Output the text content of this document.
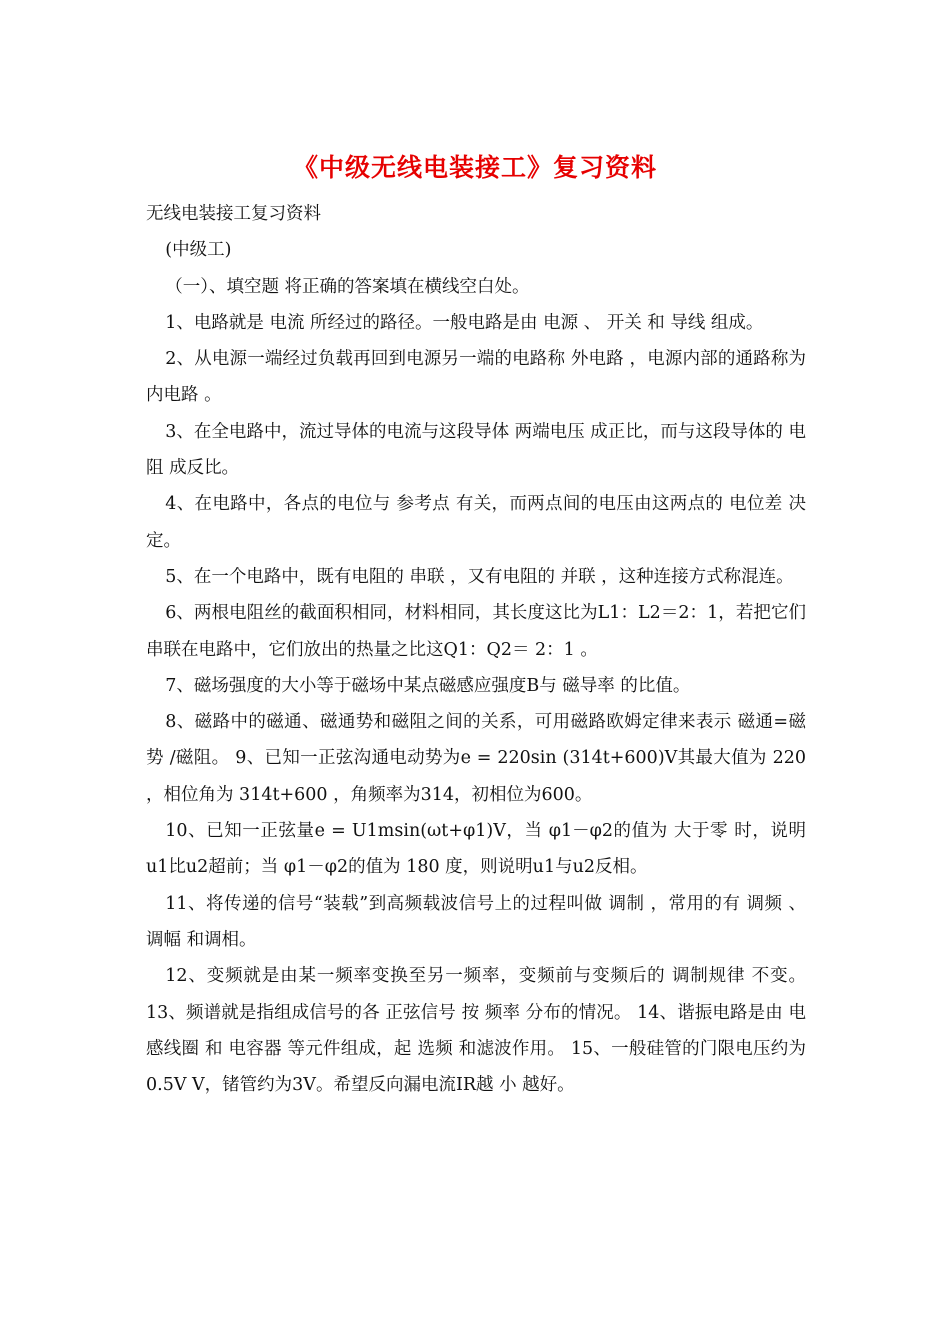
《中级无线电装接工》复习资料

无线电装接工复习资料

(中级工)

（一）、填空题 将正确的答案填在横线空白处。

1、电路就是 电流 所经过的路径。一般电路是由 电源 、 开关 和 导线 组成。

2、从电源一端经过负载再回到电源另一端的电路称 外电路 ，电源内部的通路称为 内电路 。

3、在全电路中，流过导体的电流与这段导体 两端电压 成正比，而与这段导体的 电阻 成反比。

4、在电路中，各点的电位与 参考点 有关，而两点间的电压由这两点的 电位差 决定。

5、在一个电路中，既有电阻的 串联 ，又有电阻的 并联 ，这种连接方式称混连。

6、两根电阻丝的截面积相同，材料相同，其长度这比为L1：L2＝2：1，若把它们串联在电路中，它们放出的热量之比这Q1：Q2＝ 2：1 。

7、磁场强度的大小等于磁场中某点磁感应强度B与 磁导率 的比值。

8、磁路中的磁通、磁通势和磁阻之间的关系，可用磁路欧姆定律来表示 磁通=磁势 /磁阻。 9、已知一正弦沟通电动势为e = 220sin (314t+600)V其最大值为 220 ，相位角为 314t+600 ，角频率为314，初相位为600。

10、已知一正弦量e = U1msin(ωt+φ1)V，当 φ1－φ2的值为 大于零 时，说明u1比u2超前；当 φ1－φ2的值为 180 度，则说明u1与u2反相。

11、将传递的信号“装载”到高频载波信号上的过程叫做 调制 ，常用的有 调频 、 调幅 和调相。

12、变频就是由某一频率变换至另一频率，变频前与变频后的 调制规律 不变。 13、频谱就是指组成信号的各 正弦信号 按 频率 分布的情况。 14、谐振电路是由 电感线圈 和 电容器 等元件组成，起 选频 和滤波作用。 15、一般硅管的门限电压约为 0.5V V，锗管约为3V。希望反向漏电流IR越 小 越好。
